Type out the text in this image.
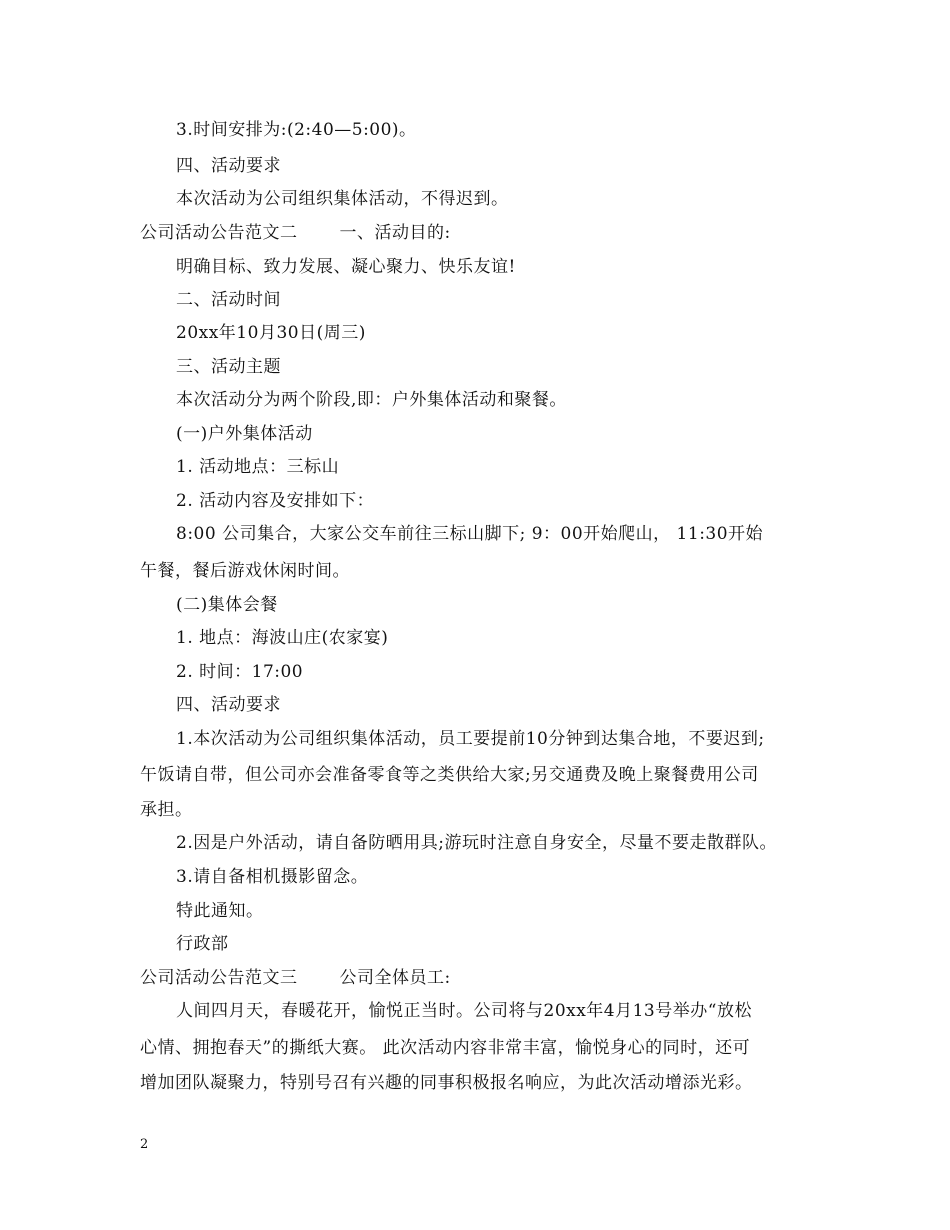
3.时间安排为:(2:40—5:00)。
四、活动要求
本次活动为公司组织集体活动，不得迟到。
公司活动公告范文二 一、活动目的:
明确目标、致力发展、凝心聚力、快乐友谊!
二、活动时间
20xx年10月30日(周三)
三、活动主题
本次活动分为两个阶段,即：户外集体活动和聚餐。
(一)户外集体活动
1. 活动地点：三标山
2. 活动内容及安排如下：
8:00 公司集合，大家公交车前往三标山脚下; 9：00开始爬山， 11:30开始
午餐，餐后游戏休闲时间。
(二)集体会餐
1. 地点：海波山庄(农家宴)
2. 时间：17:00
四、活动要求
1.本次活动为公司组织集体活动，员工要提前10分钟到达集合地，不要迟到;
午饭请自带，但公司亦会准备零食等之类供给大家;另交通费及晚上聚餐费用公司
承担。
2.因是户外活动，请自备防晒用具;游玩时注意自身安全，尽量不要走散群队。
3.请自备相机摄影留念。
特此通知。
行政部
公司活动公告范文三 公司全体员工:
人间四月天，春暖花开，愉悦正当时。公司将与20xx年4月13号举办“放松
心情、拥抱春天”的撕纸大赛。 此次活动内容非常丰富，愉悦身心的同时，还可
增加团队凝聚力，特别号召有兴趣的同事积极报名响应，为此次活动增添光彩。
2
